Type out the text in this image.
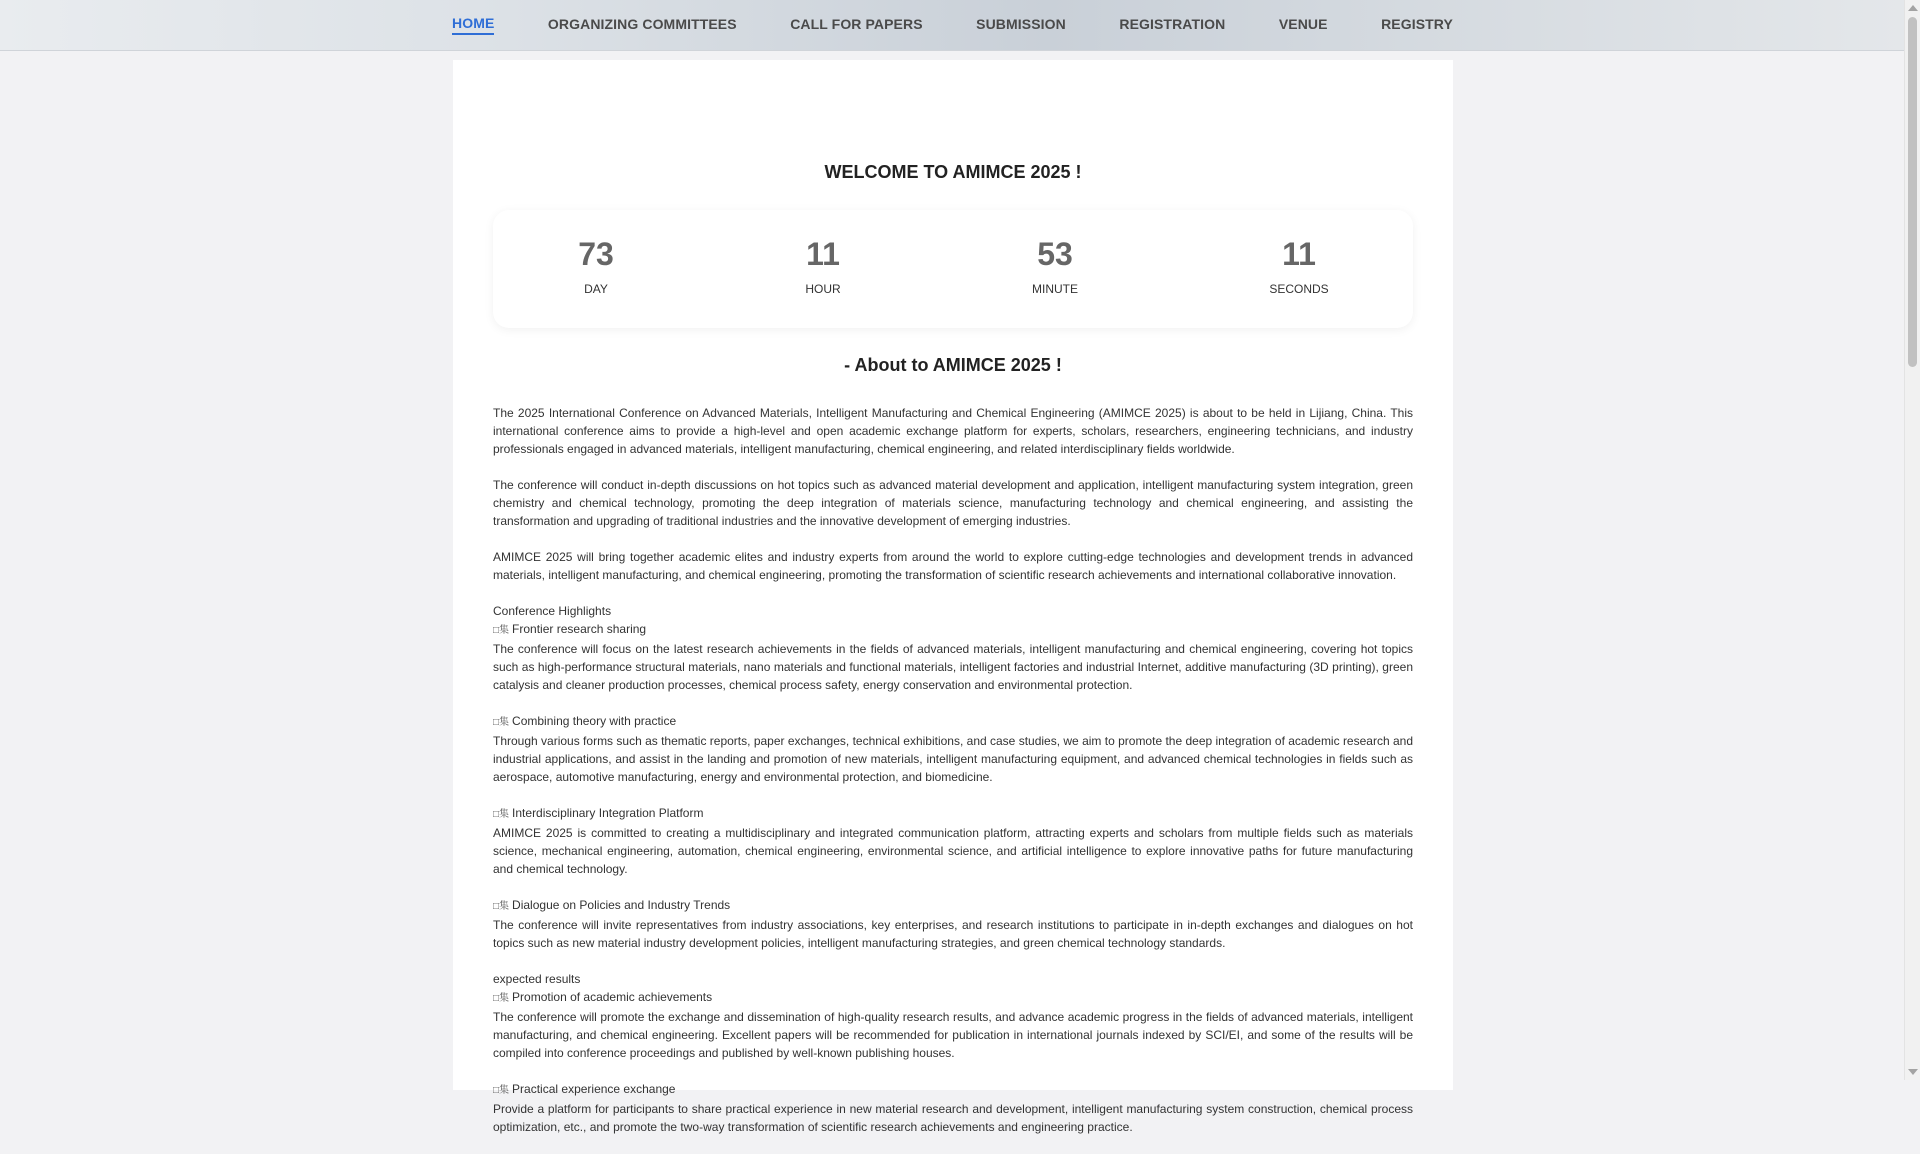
HOME	ORGANIZING COMMITTEES	CALL FOR PAPERS	SUBMISSION	REGISTRATION	VENUE	REGISTRY
WELCOME TO AMIMCE 2025 !
73
DAY
11
HOUR
53
MINUTE
11
SECONDS
- About to AMIMCE 2025 !

The 2025 International Conference on Advanced Materials, Intelligent Manufacturing and Chemical Engineering (AMIMCE 2025) is about to be held in Lijiang, China. This international conference aims to provide a high-level and open academic exchange platform for experts, scholars, researchers, engineering technicians, and industry professionals engaged in advanced materials, intelligent manufacturing, chemical engineering, and related interdisciplinary fields worldwide.

The conference will conduct in-depth discussions on hot topics such as advanced material development and application, intelligent manufacturing system integration, green chemistry and chemical technology, promoting the deep integration of materials science, manufacturing technology and chemical engineering, and assisting the transformation and upgrading of traditional industries and the innovative development of emerging industries.

AMIMCE 2025 will bring together academic elites and industry experts from around the world to explore cutting-edge technologies and development trends in advanced materials, intelligent manufacturing, and chemical engineering, promoting the transformation of scientific research achievements and international collaborative innovation.

Conference Highlights
□集 Frontier research sharing
The conference will focus on the latest research achievements in the fields of advanced materials, intelligent manufacturing and chemical engineering, covering hot topics such as high-performance structural materials, nano materials and functional materials, intelligent factories and industrial Internet, additive manufacturing (3D printing), green catalysis and cleaner production processes, chemical process safety, energy conservation and environmental protection.

□集 Combining theory with practice
Through various forms such as thematic reports, paper exchanges, technical exhibitions, and case studies, we aim to promote the deep integration of academic research and industrial applications, and assist in the landing and promotion of new materials, intelligent manufacturing equipment, and advanced chemical technologies in fields such as aerospace, automotive manufacturing, energy and environmental protection, and biomedicine.

□集 Interdisciplinary Integration Platform
AMIMCE 2025 is committed to creating a multidisciplinary and integrated communication platform, attracting experts and scholars from multiple fields such as materials science, mechanical engineering, automation, chemical engineering, environmental science, and artificial intelligence to explore innovative paths for future manufacturing and chemical technology.

□集 Dialogue on Policies and Industry Trends
The conference will invite representatives from industry associations, key enterprises, and research institutions to participate in in-depth exchanges and dialogues on hot topics such as new material industry development policies, intelligent manufacturing strategies, and green chemical technology standards.

expected results
□集 Promotion of academic achievements
The conference will promote the exchange and dissemination of high-quality research results, and advance academic progress in the fields of advanced materials, intelligent manufacturing, and chemical engineering. Excellent papers will be recommended for publication in international journals indexed by SCI/EI, and some of the results will be compiled into conference proceedings and published by well-known publishing houses.

□集 Practical experience exchange
Provide a platform for participants to share practical experience in new material research and development, intelligent manufacturing system construction, chemical process optimization, etc., and promote the two-way transformation of scientific research achievements and engineering practice.
